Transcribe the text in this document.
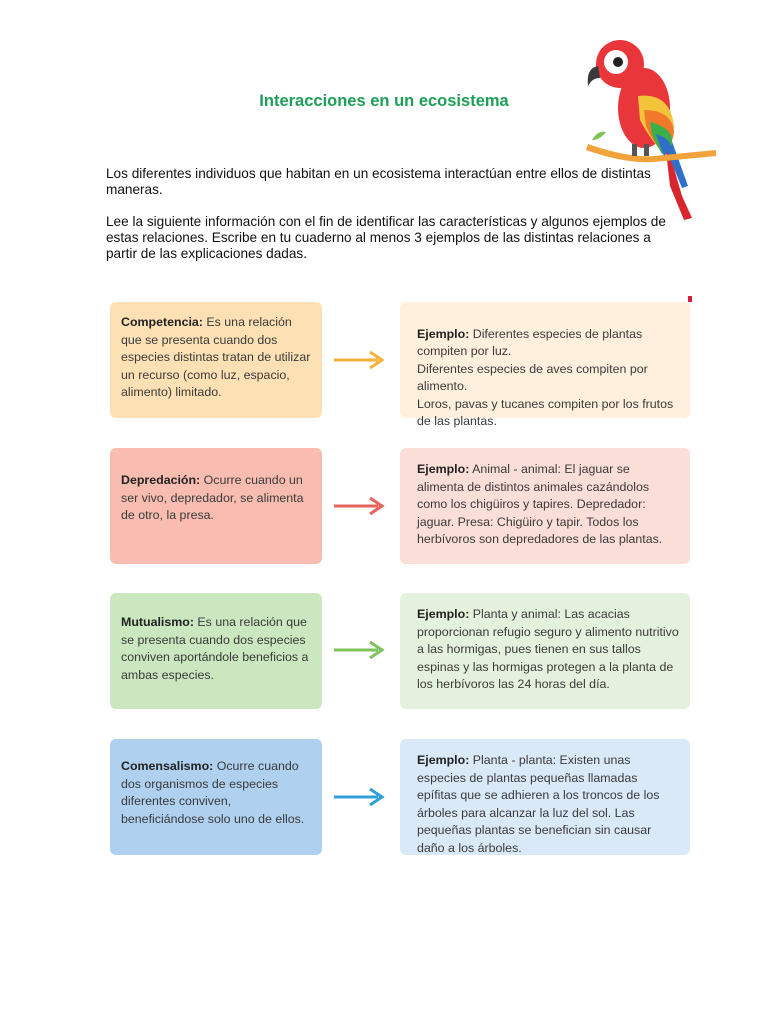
Interacciones en un ecosistema
Los diferentes individuos que habitan en un ecosistema interactúan entre ellos de distintas maneras.
Lee la siguiente información con el fin de identificar las características y algunos ejemplos de estas relaciones. Escribe en tu cuaderno al menos 3 ejemplos de las distintas relaciones a partir de las explicaciones dadas.
Competencia: Es una relación que se presenta cuando dos especies distintas tratan de utilizar un recurso (como luz, espacio, alimento) limitado.

Ejemplo: Diferentes especies de plantas compiten por luz.
Diferentes especies de aves compiten por alimento.
Loros, pavas y tucanes compiten por los frutos de las plantas.

Depredación: Ocurre cuando un ser vivo, depredador, se alimenta de otro, la presa.
Ejemplo: Animal - animal: El jaguar se alimenta de distintos animales cazándolos como los chigüiros y tapires. Depredador: jaguar. Presa: Chigüiro y tapir. Todos los herbívoros son depredadores de las plantas.
Mutualismo: Es una relación que se presenta cuando dos especies conviven aportándole beneficios a ambas especies.
Ejemplo: Planta y animal: Las acacias proporcionan refugio seguro y alimento nutritivo a las hormigas, pues tienen en sus tallos espinas y las hormigas protegen a la planta de los herbívoros las 24 horas del día.
Comensalismo: Ocurre cuando dos organismos de especies diferentes conviven, beneficiándose solo uno de ellos.
Ejemplo: Planta - planta: Existen unas especies de plantas pequeñas llamadas epífitas que se adhieren a los troncos de los árboles para alcanzar la luz del sol. Las pequeñas plantas se benefician sin causar daño a los árboles.
